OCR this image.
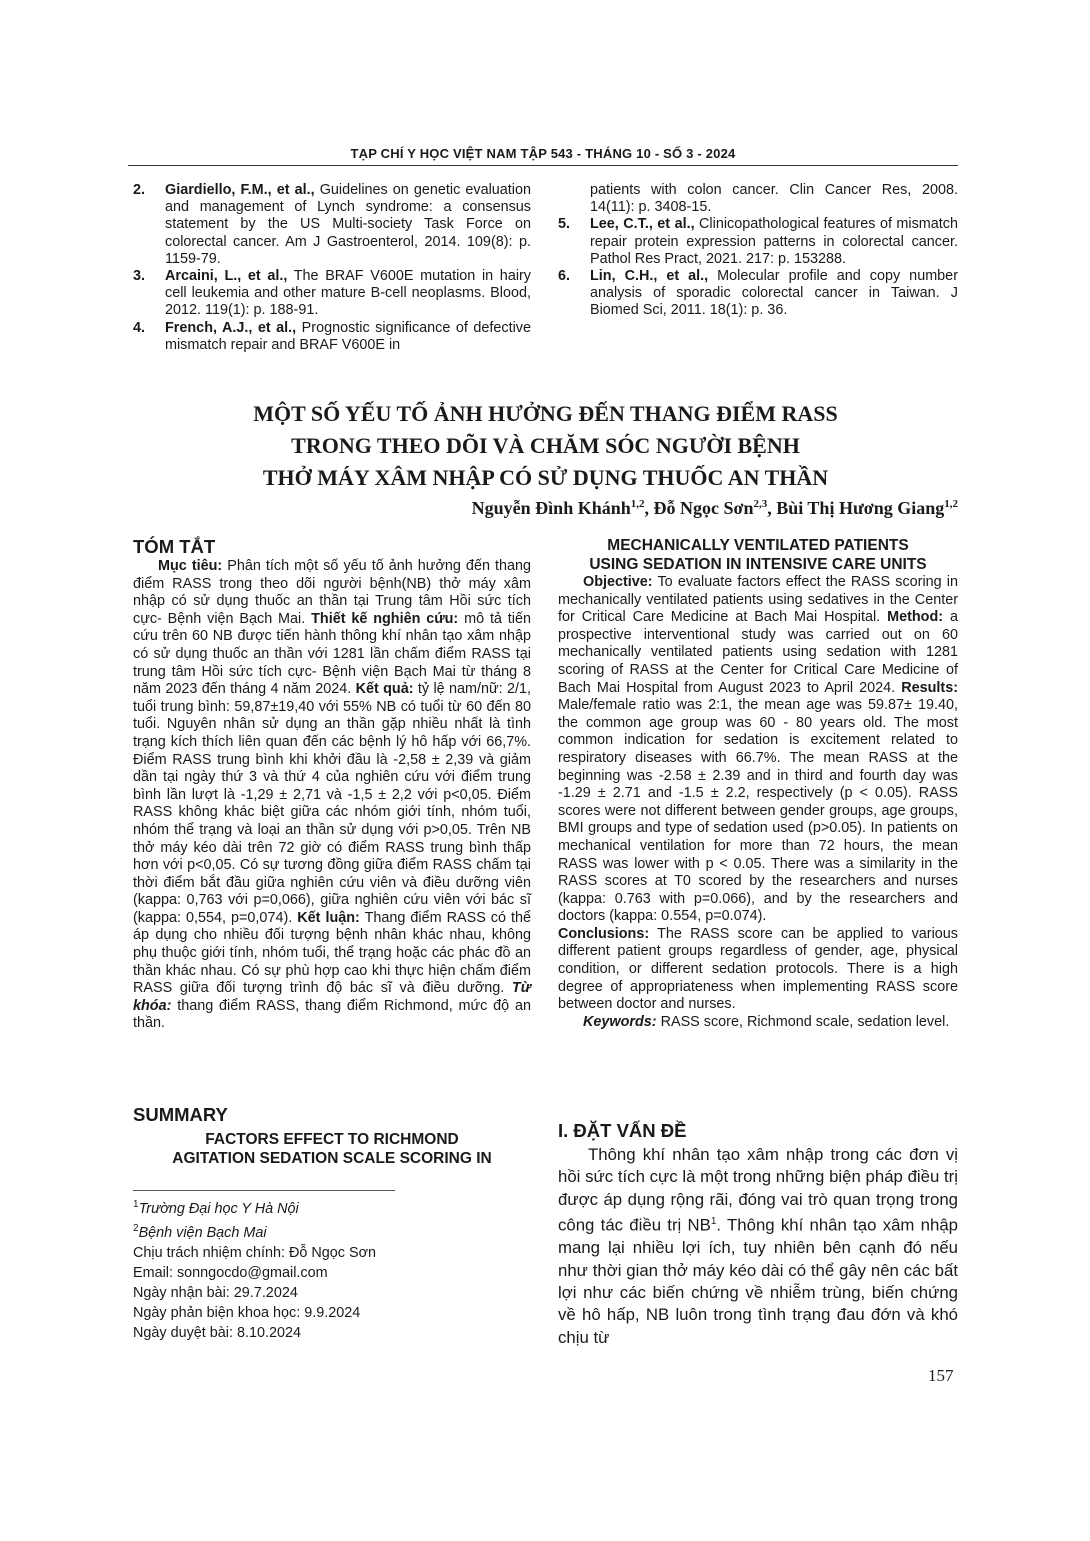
TẠP CHÍ Y HỌC VIỆT NAM TẬP 543 - THÁNG 10 - SỐ 3 - 2024
2.	Giardiello, F.M., et al., Guidelines on genetic evaluation and management of Lynch syndrome: a consensus statement by the US Multi-society Task Force on colorectal cancer. Am J Gastroenterol, 2014. 109(8): p. 1159-79.
3.	Arcaini, L., et al., The BRAF V600E mutation in hairy cell leukemia and other mature B-cell neoplasms. Blood, 2012. 119(1): p. 188-91.
4.	French, A.J., et al., Prognostic significance of defective mismatch repair and BRAF V600E in
patients with colon cancer. Clin Cancer Res, 2008. 14(11): p. 3408-15.
5.	Lee, C.T., et al., Clinicopathological features of mismatch repair protein expression patterns in colorectal cancer. Pathol Res Pract, 2021. 217: p. 153288.
6.	Lin, C.H., et al., Molecular profile and copy number analysis of sporadic colorectal cancer in Taiwan. J Biomed Sci, 2011. 18(1): p. 36.
MỘT SỐ YẾU TỐ ẢNH HƯỞNG ĐẾN THANG ĐIỂM RASS
TRONG THEO DÕI VÀ CHĂM SÓC NGƯỜI BỆNH
THỞ MÁY XÂM NHẬP CÓ SỬ DỤNG THUỐC AN THẦN
Nguyễn Đình Khánh$^{1,2}$, Đỗ Ngọc Sơn$^{2,3}$, Bùi Thị Hương Giang$^{1,2}$
TÓM TẮT

Mục tiêu: Phân tích một số yếu tố ảnh hưởng đến thang điểm RASS trong theo dõi người bệnh(NB) thở máy xâm nhập có sử dụng thuốc an thần tại Trung tâm Hồi sức tích cực- Bệnh viện Bạch Mai. Thiết kế nghiên cứu: mô tả tiến cứu trên 60 NB được tiến hành thông khí nhân tạo xâm nhập có sử dụng thuốc an thần với 1281 lần chấm điểm RASS tại trung tâm Hồi sức tích cực- Bệnh viện Bạch Mai từ tháng 8 năm 2023 đến tháng 4 năm 2024. Kết quả: tỷ lệ nam/nữ: 2/1, tuổi trung bình: 59,87±19,40 với 55% NB có tuổi từ 60 đến 80 tuổi. Nguyên nhân sử dụng an thần gặp nhiều nhất là tình trạng kích thích liên quan đến các bệnh lý hô hấp với 66,7%. Điểm RASS trung bình khi khởi đầu là -2,58 ± 2,39 và giảm dần tại ngày thứ 3 và thứ 4 của nghiên cứu với điểm trung bình lần lượt là -1,29 ± 2,71 và -1,5 ± 2,2 với p<0,05. Điểm RASS không khác biệt giữa các nhóm giới tính, nhóm tuổi, nhóm thể trạng và loại an thần sử dụng với p>0,05. Trên NB thở máy kéo dài trên 72 giờ có điểm RASS trung bình thấp hơn với p<0,05. Có sự tương đồng giữa điểm RASS chấm tại thời điểm bắt đầu giữa nghiên cứu viên và điều dưỡng viên (kappa: 0,763 với p=0,066), giữa nghiên cứu viên với bác sĩ (kappa: 0,554, p=0,074). Kết luận: Thang điểm RASS có thể áp dụng cho nhiều đối tượng bệnh nhân khác nhau, không phụ thuộc giới tính, nhóm tuổi, thể trạng hoặc các phác đồ an thần khác nhau. Có sự phù hợp cao khi thực hiện chấm điểm RASS giữa đối tượng trình độ bác sĩ và điều dưỡng. Từ khóa: thang điểm RASS, thang điểm Richmond, mức độ an thần.

SUMMARY

FACTORS EFFECT TO RICHMOND

AGITATION SEDATION SCALE SCORING IN

$^1$Trường Đại học Y Hà Nội
$^2$Bệnh viện Bạch Mai
Chịu trách nhiệm chính: Đỗ Ngọc Sơn
Email: sonngocdo@gmail.com
Ngày nhận bài: 29.7.2024
Ngày phản biện khoa học: 9.9.2024
Ngày duyệt bài: 8.10.2024

MECHANICALLY VENTILATED PATIENTS

USING SEDATION IN INTENSIVE CARE UNITS

Objective: To evaluate factors effect the RASS scoring in mechanically ventilated patients using sedatives in the Center for Critical Care Medicine at Bach Mai Hospital. Method: a prospective interventional study was carried out on 60 mechanically ventilated patients using sedation with 1281 scoring of RASS at the Center for Critical Care Medicine of Bach Mai Hospital from August 2023 to April 2024. Results: Male/female ratio was 2:1, the mean age was 59.87± 19.40, the common age group was 60 - 80 years old. The most common indication for sedation is excitement related to respiratory diseases with 66.7%. The mean RASS at the beginning was -2.58 ± 2.39 and in third and fourth day was -1.29 ± 2.71 and -1.5 ± 2.2, respectively (p < 0.05). RASS scores were not different between gender groups, age groups, BMI groups and type of sedation used (p>0.05). In patients on mechanical ventilation for more than 72 hours, the mean RASS was lower with p < 0.05. There was a similarity in the RASS scores at T0 scored by the researchers and nurses (kappa: 0.763 with p=0.066), and by the researchers and doctors (kappa: 0.554, p=0.074).

Conclusions: The RASS score can be applied to various different patient groups regardless of gender, age, physical condition, or different sedation protocols. There is a high degree of appropriateness when implementing RASS score between doctor and nurses.

Keywords: RASS score, Richmond scale, sedation level.

I. ĐẶT VẤN ĐỀ

Thông khí nhân tạo xâm nhập trong các đơn vị hồi sức tích cực là một trong những biện pháp điều trị được áp dụng rộng rãi, đóng vai trò quan trọng trong công tác điều trị $NB^1$. Thông khí nhân tạo xâm nhập mang lại nhiều lợi ích, tuy nhiên bên cạnh đó nếu như thời gian thở máy kéo dài có thể gây nên các bất lợi như các biến chứng về nhiễm trùng, biến chứng về hô hấp, NB luôn trong tình trạng đau đớn và khó chịu từ

157
